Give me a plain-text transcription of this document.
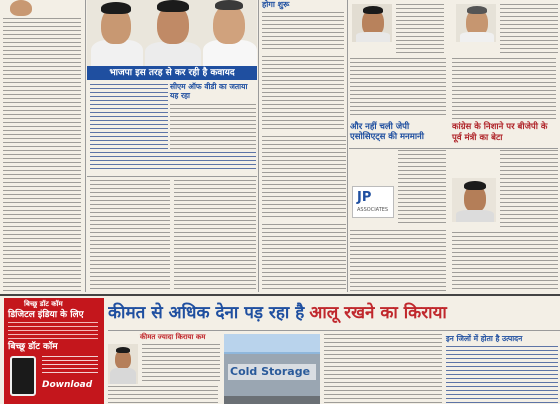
भाजपा इस तरह से कर रही है कवायद
सीएम ऑफ वीडी का जताया यह रहा
होगा शुरू
और नहीं चली जेपी एसोसिएट्स की मनमानी
कांग्रेस के निशाने पर बीजेपी के पूर्व मंत्री का बेटा
JP
ASSOCIATES
बिच्छू डॉट कॉम
डिजिटल इंडिया के लिए
बिच्छू डॉट कॉम
Download
कीमत से अधिक देना पड़ रहा है आलू रखने का किराया
कीमत ज्यादा किराया कम
Cold Storage
इन जिलों में होता है उत्पादन
